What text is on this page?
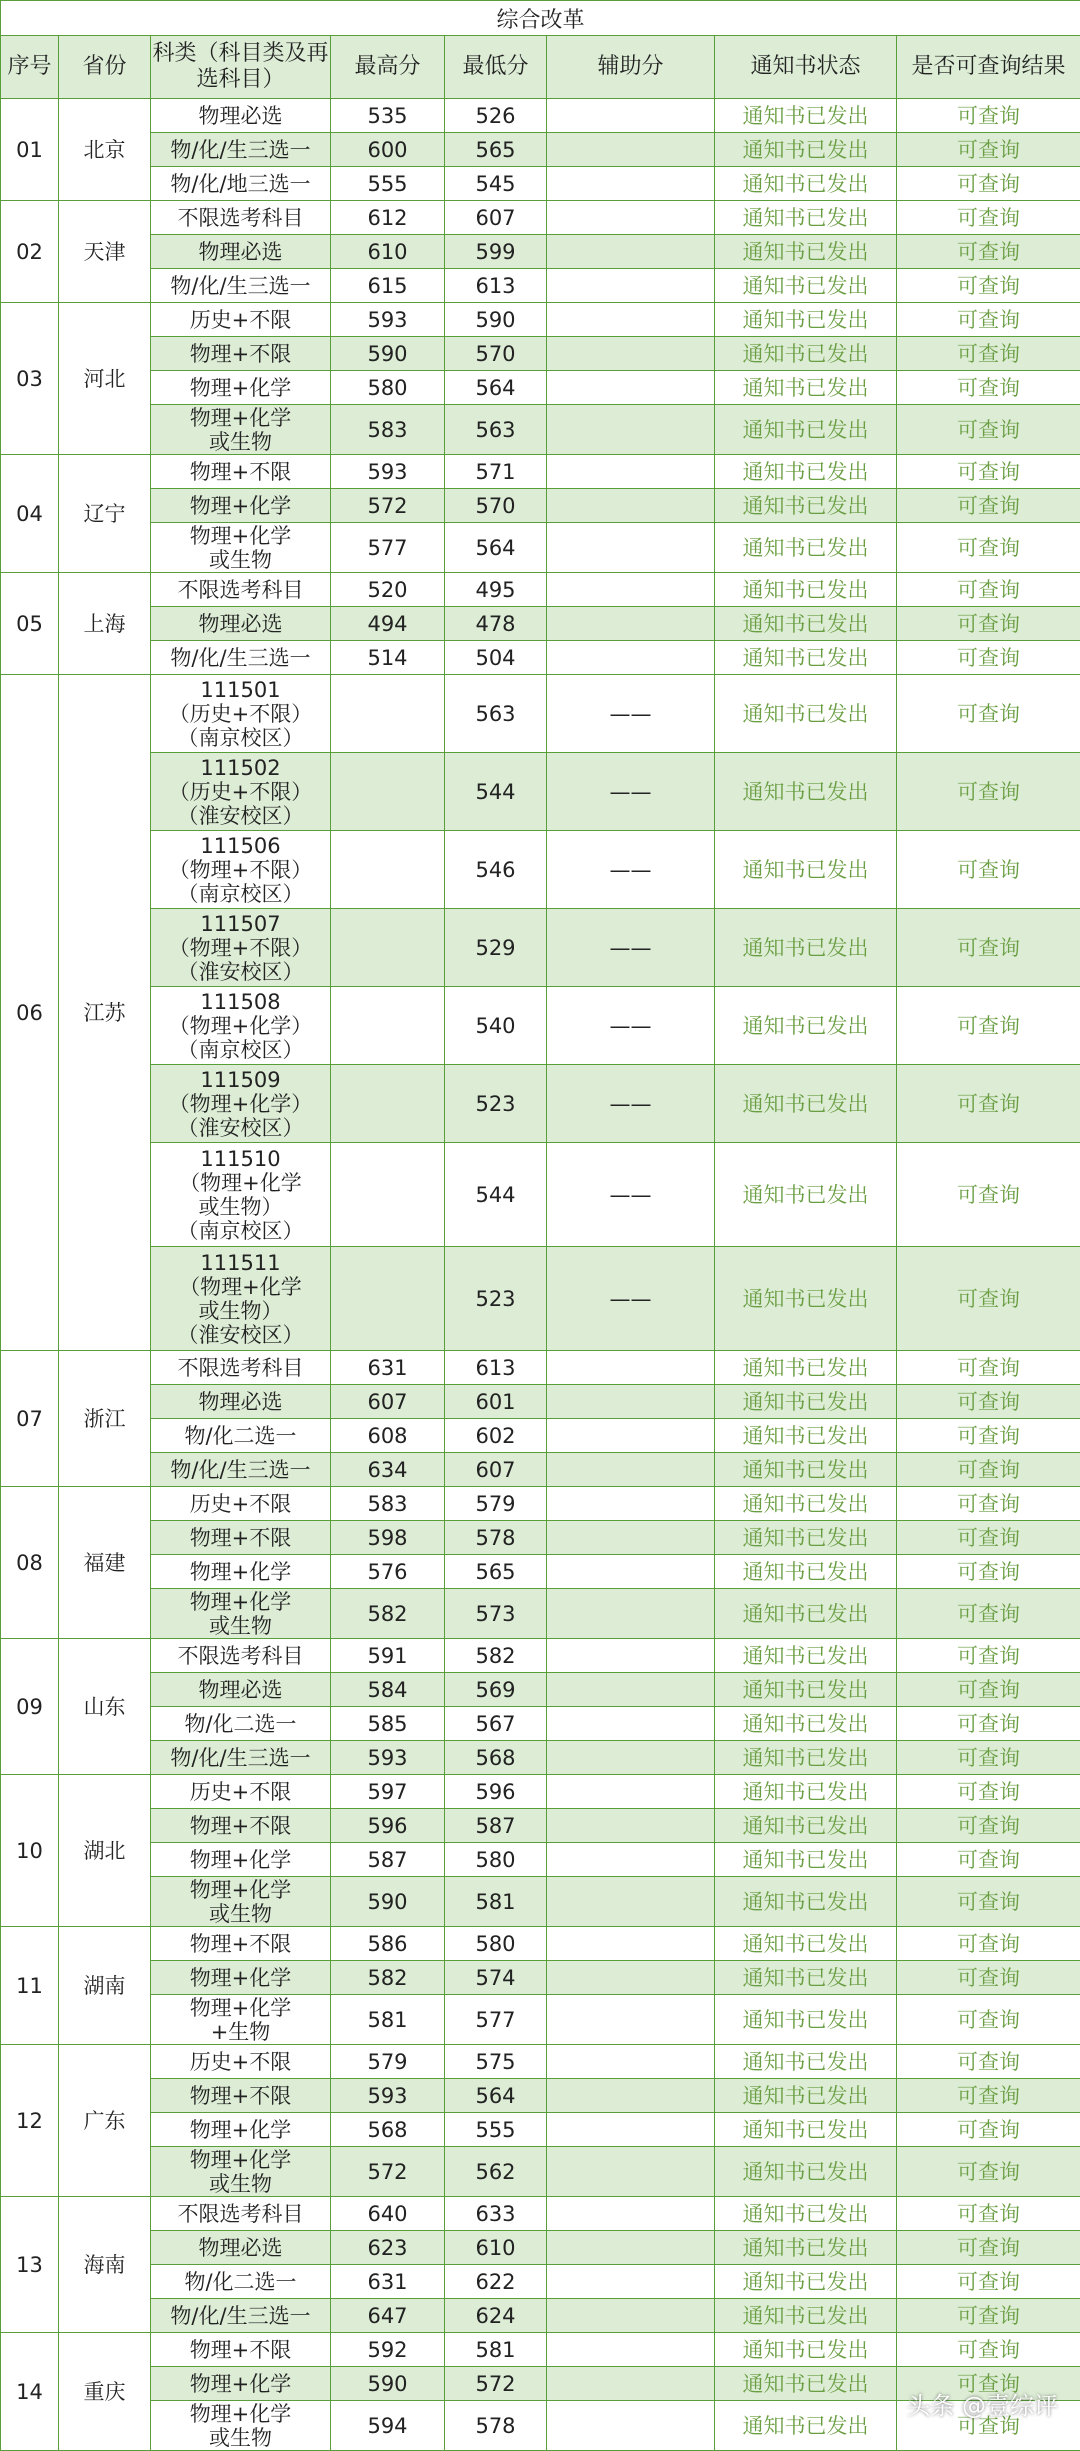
综合改革							
序号	省份	科类（科目类及再选科目）	最高分	最低分	辅助分	通知书状态	是否可查询结果
01	北京	物理必选	535	526		通知书已发出	可查询
		物/化/生三选一	600	565		通知书已发出	可查询
		物/化/地三选一	555	545		通知书已发出	可查询
02	天津	不限选考科目	612	607		通知书已发出	可查询
		物理必选	610	599		通知书已发出	可查询
		物/化/生三选一	615	613		通知书已发出	可查询
03	河北	历史+不限	593	590		通知书已发出	可查询
		物理+不限	590	570		通知书已发出	可查询
		物理+化学	580	564		通知书已发出	可查询
		物理+化学
或生物	583	563		通知书已发出	可查询
04	辽宁	物理+不限	593	571		通知书已发出	可查询
		物理+化学	572	570		通知书已发出	可查询
		物理+化学
或生物	577	564		通知书已发出	可查询
05	上海	不限选考科目	520	495		通知书已发出	可查询
		物理必选	494	478		通知书已发出	可查询
		物/化/生三选一	514	504		通知书已发出	可查询
06	江苏	111501
（历史+不限）
（南京校区）		563	——	通知书已发出	可查询
		111502
（历史+不限）
（淮安校区）		544	——	通知书已发出	可查询
		111506
（物理+不限）
（南京校区）		546	——	通知书已发出	可查询
		111507
（物理+不限）
（淮安校区）		529	——	通知书已发出	可查询
		111508
（物理+化学）
（南京校区）		540	——	通知书已发出	可查询
		111509
（物理+化学）
（淮安校区）		523	——	通知书已发出	可查询
		111510
（物理+化学
或生物）
（南京校区）		544	——	通知书已发出	可查询
		111511
（物理+化学
或生物）
（淮安校区）		523	——	通知书已发出	可查询
07	浙江	不限选考科目	631	613		通知书已发出	可查询
		物理必选	607	601		通知书已发出	可查询
		物/化二选一	608	602		通知书已发出	可查询
		物/化/生三选一	634	607		通知书已发出	可查询
08	福建	历史+不限	583	579		通知书已发出	可查询
		物理+不限	598	578		通知书已发出	可查询
		物理+化学	576	565		通知书已发出	可查询
		物理+化学
或生物	582	573		通知书已发出	可查询
09	山东	不限选考科目	591	582		通知书已发出	可查询
		物理必选	584	569		通知书已发出	可查询
		物/化二选一	585	567		通知书已发出	可查询
		物/化/生三选一	593	568		通知书已发出	可查询
10	湖北	历史+不限	597	596		通知书已发出	可查询
		物理+不限	596	587		通知书已发出	可查询
		物理+化学	587	580		通知书已发出	可查询
		物理+化学
或生物	590	581		通知书已发出	可查询
11	湖南	物理+不限	586	580		通知书已发出	可查询
		物理+化学	582	574		通知书已发出	可查询
		物理+化学
+生物	581	577		通知书已发出	可查询
12	广东	历史+不限	579	575		通知书已发出	可查询
		物理+不限	593	564		通知书已发出	可查询
		物理+化学	568	555		通知书已发出	可查询
		物理+化学
或生物	572	562		通知书已发出	可查询
13	海南	不限选考科目	640	633		通知书已发出	可查询
		物理必选	623	610		通知书已发出	可查询
		物/化二选一	631	622		通知书已发出	可查询
		物/化/生三选一	647	624		通知书已发出	可查询
14	重庆	物理+不限	592	581		通知书已发出	可查询
		物理+化学	590	572		通知书已发出	可查询
		物理+化学
或生物	594	578		通知书已发出	可查询
头条 @壹综评
